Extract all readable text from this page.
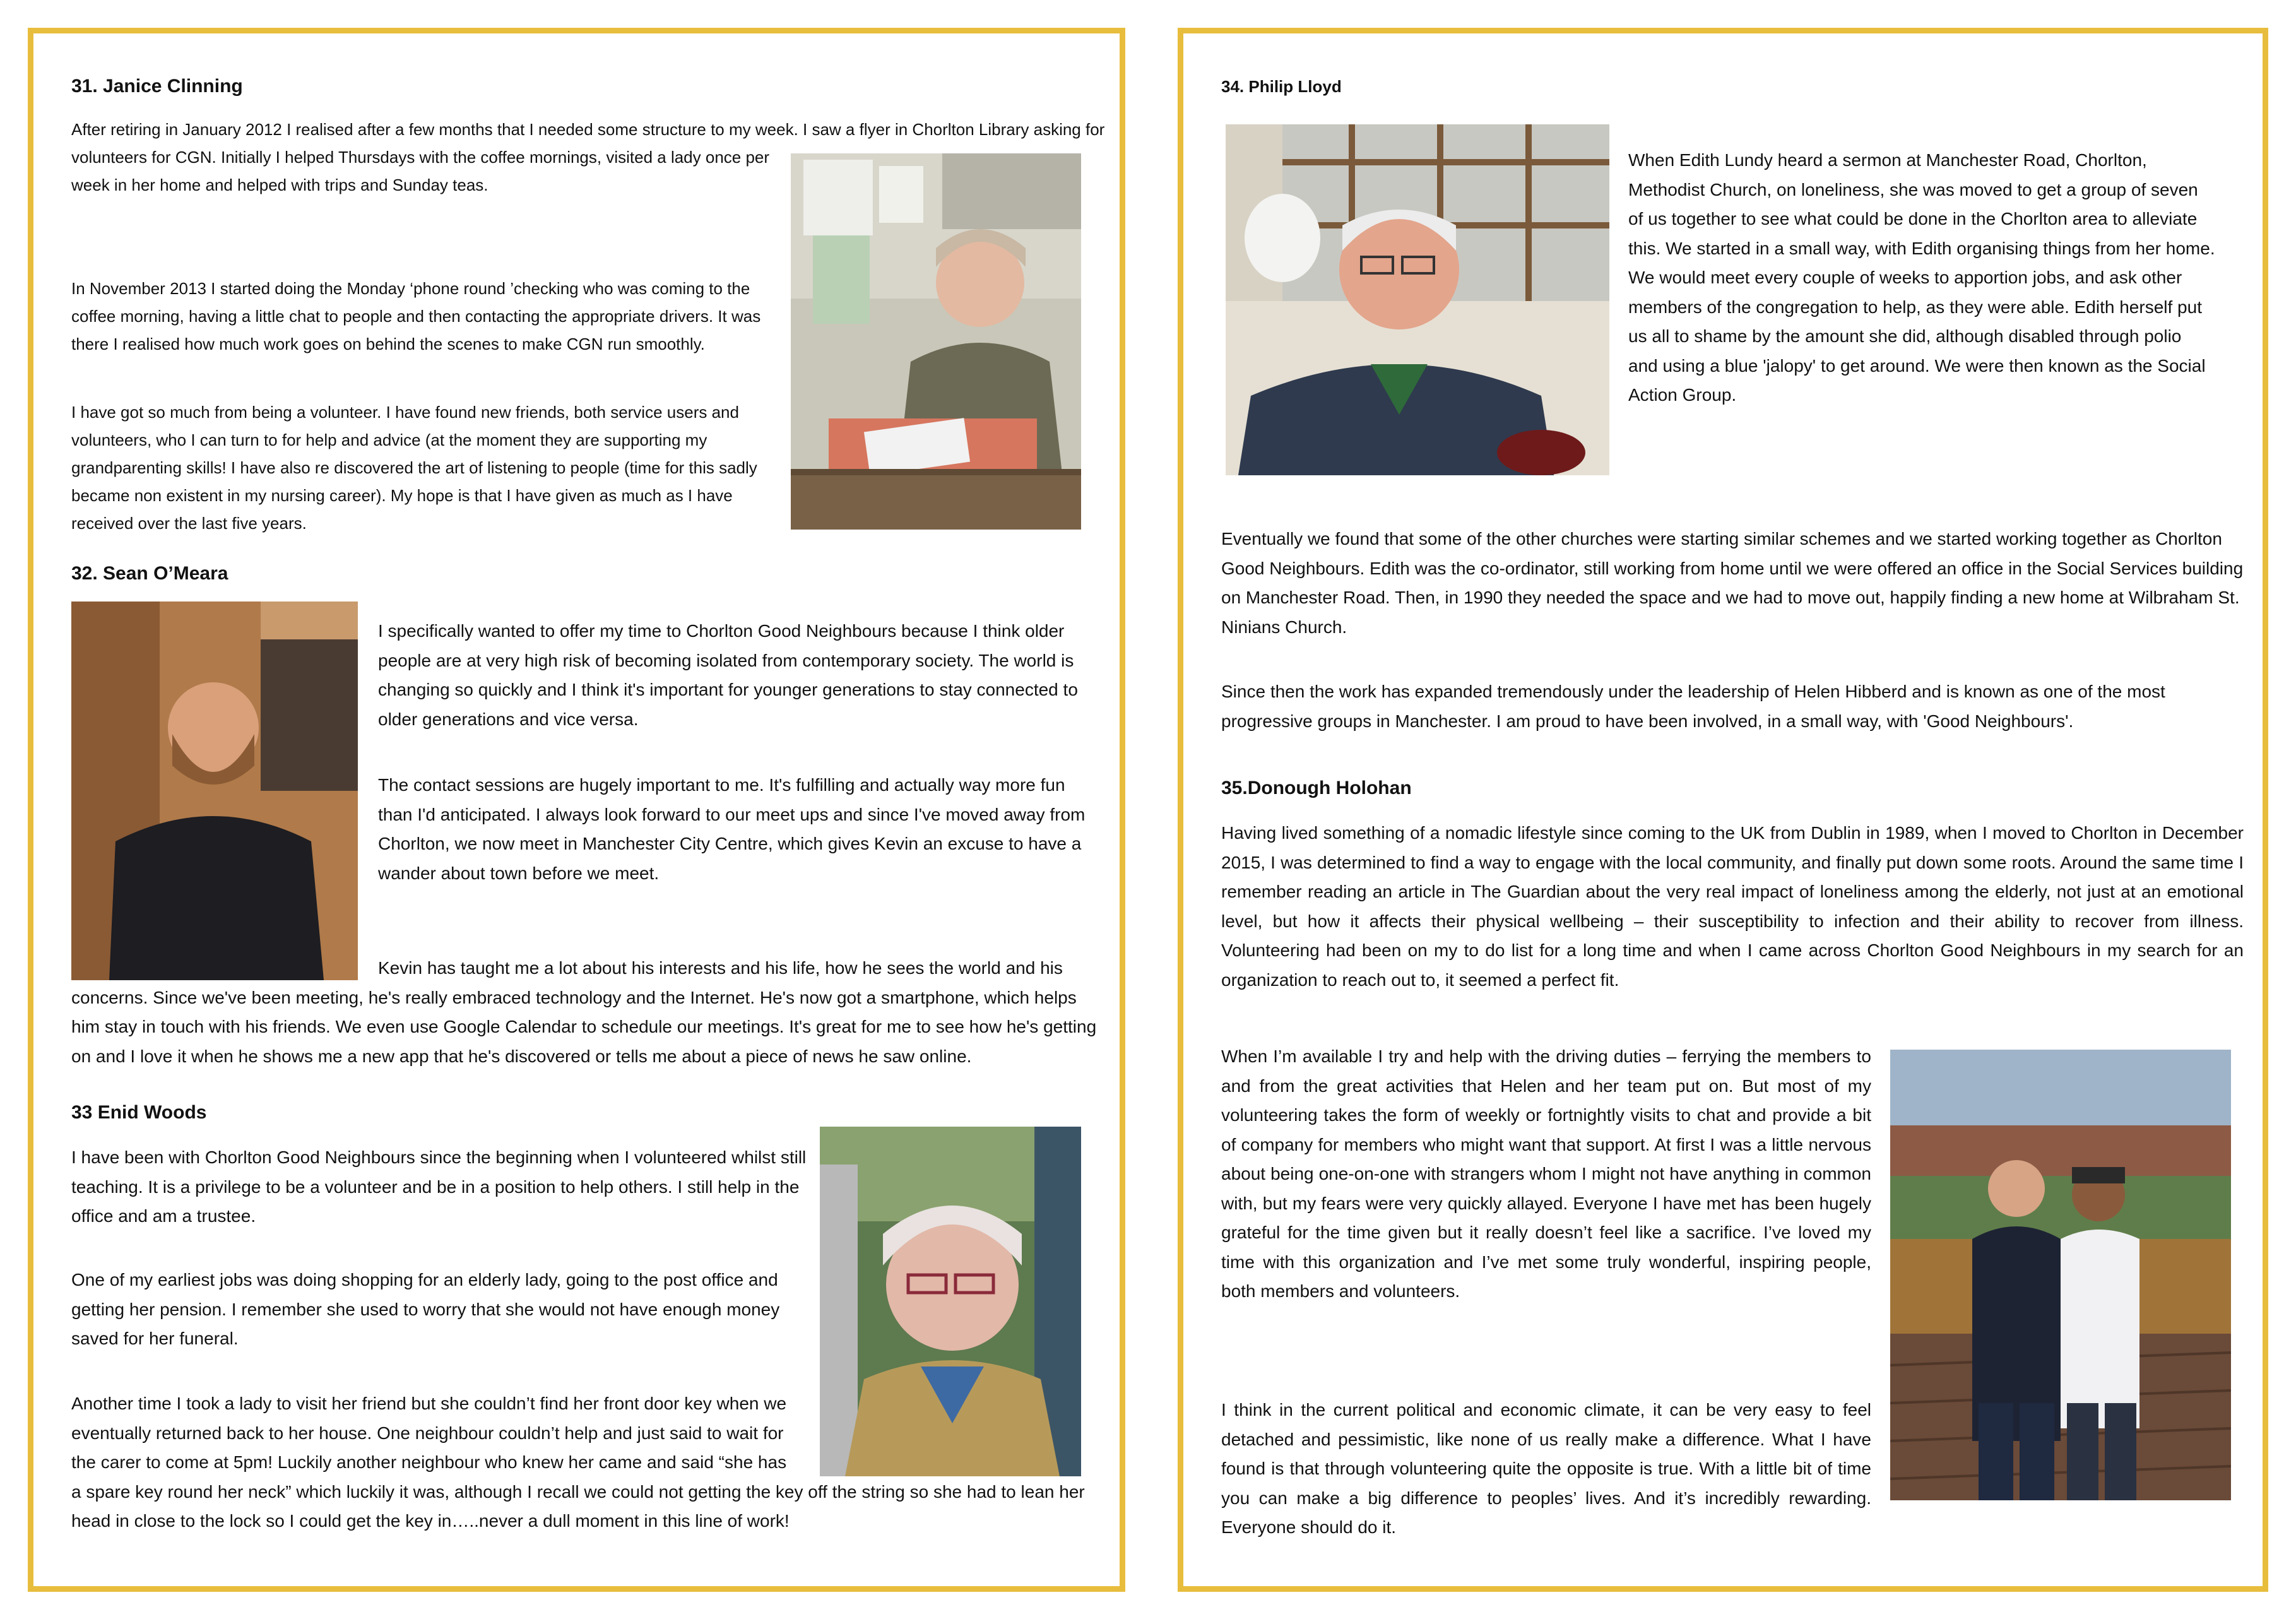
31. Janice Clinning

After retiring in January 2012 I realised after a few months that I needed some structure to my week. I saw a flyer in Chorlton Library asking for volunteers for CGN. Initially I helped Thursdays with the coffee mornings, visited a lady once per week in her home and helped with trips and Sunday teas.

In November 2013 I started doing the Monday ‘phone round ’checking who was coming to the coffee morning, having a little chat to people and then contacting the appropriate drivers. It was there I realised how much work goes on behind the scenes to make CGN run smoothly.

I have got so much from being a volunteer. I have found new friends, both service users and volunteers, who I can turn to for help and advice (at the moment they are supporting my grandparenting skills! I have also re discovered the art of listening to people (time for this sadly became non existent in my nursing career). My hope is that I have given as much as I have received over the last five years.

32. Sean O’Meara

I specifically wanted to offer my time to Chorlton Good Neighbours because I think older people are at very high risk of becoming isolated from contemporary society. The world is changing so quickly and I think it's important for younger generations to stay connected to older generations and vice versa.

The contact sessions are hugely important to me. It's fulfilling and actually way more fun than I'd anticipated. I always look forward to our meet ups and since I've moved away from Chorlton, we now meet in Manchester City Centre, which gives Kevin an excuse to have a wander about town before we meet.

Kevin has taught me a lot about his interests and his life, how he sees the world and his concerns. Since we've been meeting, he's really embraced technology and the Internet. He's now got a smartphone, which helps him stay in touch with his friends. We even use Google Calendar to schedule our meetings. It's great for me to see how he's getting on and I love it when he shows me a new app that he's discovered or tells me about a piece of news he saw online.

33 Enid Woods

I have been with Chorlton Good Neighbours since the beginning when I volunteered whilst still teaching. It is a privilege to be a volunteer and be in a position to help others. I still help in the office and am a trustee.

One of my earliest jobs was doing shopping for an elderly lady, going to the post office and getting her pension. I remember she used to worry that she would not have enough money saved for her funeral.

Another time I took a lady to visit her friend but she couldn’t find her front door key when we eventually returned back to her house. One neighbour couldn’t help and just said to wait for the carer to come at 5pm! Luckily another neighbour who knew her came and said “she has a spare key round her neck” which luckily it was, although I recall we could not getting the key off the string so she had to lean her head in close to the lock so I could get the key in…..never a dull moment in this line of work!

34. Philip Lloyd

When Edith Lundy heard a sermon at Manchester Road, Chorlton, Methodist Church, on loneliness, she was moved to get a group of seven of us together to see what could be done in the Chorlton area to alleviate this. We started in a small way, with Edith organising things from her home. We would meet every couple of weeks to apportion jobs, and ask other members of the congregation to help, as they were able. Edith herself put us all to shame by the amount she did, although disabled through polio and using a blue 'jalopy' to get around. We were then known as the Social Action Group.

Eventually we found that some of the other churches were starting similar schemes and we started working together as Chorlton Good Neighbours. Edith was the co-ordinator, still working from home until we were offered an office in the Social Services building on Manchester Road. Then, in 1990 they needed the space and we had to move out, happily finding a new home at Wilbraham St. Ninians Church.

Since then the work has expanded tremendously under the leadership of Helen Hibberd and is known as one of the most progressive groups in Manchester. I am proud to have been involved, in a small way, with 'Good Neighbours'.

35.Donough Holohan

Having lived something of a nomadic lifestyle since coming to the UK from Dublin in 1989, when I moved to Chorlton in December 2015, I was determined to find a way to engage with the local community, and finally put down some roots. Around the same time I remember reading an article in The Guardian about the very real impact of loneliness among the elderly, not just at an emotional level, but how it affects their physical wellbeing – their susceptibility to infection and their ability to recover from illness. Volunteering had been on my to do list for a long time and when I came across Chorlton Good Neighbours in my search for an organization to reach out to, it seemed a perfect fit.

When I’m available I try and help with the driving duties – ferrying the members to and from the great activities that Helen and her team put on. But most of my volunteering takes the form of weekly or fortnightly visits to chat and provide a bit of company for members who might want that support. At first I was a little nervous about being one-on-one with strangers whom I might not have anything in common with, but my fears were very quickly allayed. Everyone I have met has been hugely grateful for the time given but it really doesn’t feel like a sacrifice. I’ve loved my time with this organization and I’ve met some truly wonderful, inspiring people, both members and volunteers.

I think in the current political and economic climate, it can be very easy to feel detached and pessimistic, like none of us really make a difference. What I have found is that through volunteering quite the opposite is true. With a little bit of time you can make a big difference to peoples’ lives. And it’s incredibly rewarding. Everyone should do it.
